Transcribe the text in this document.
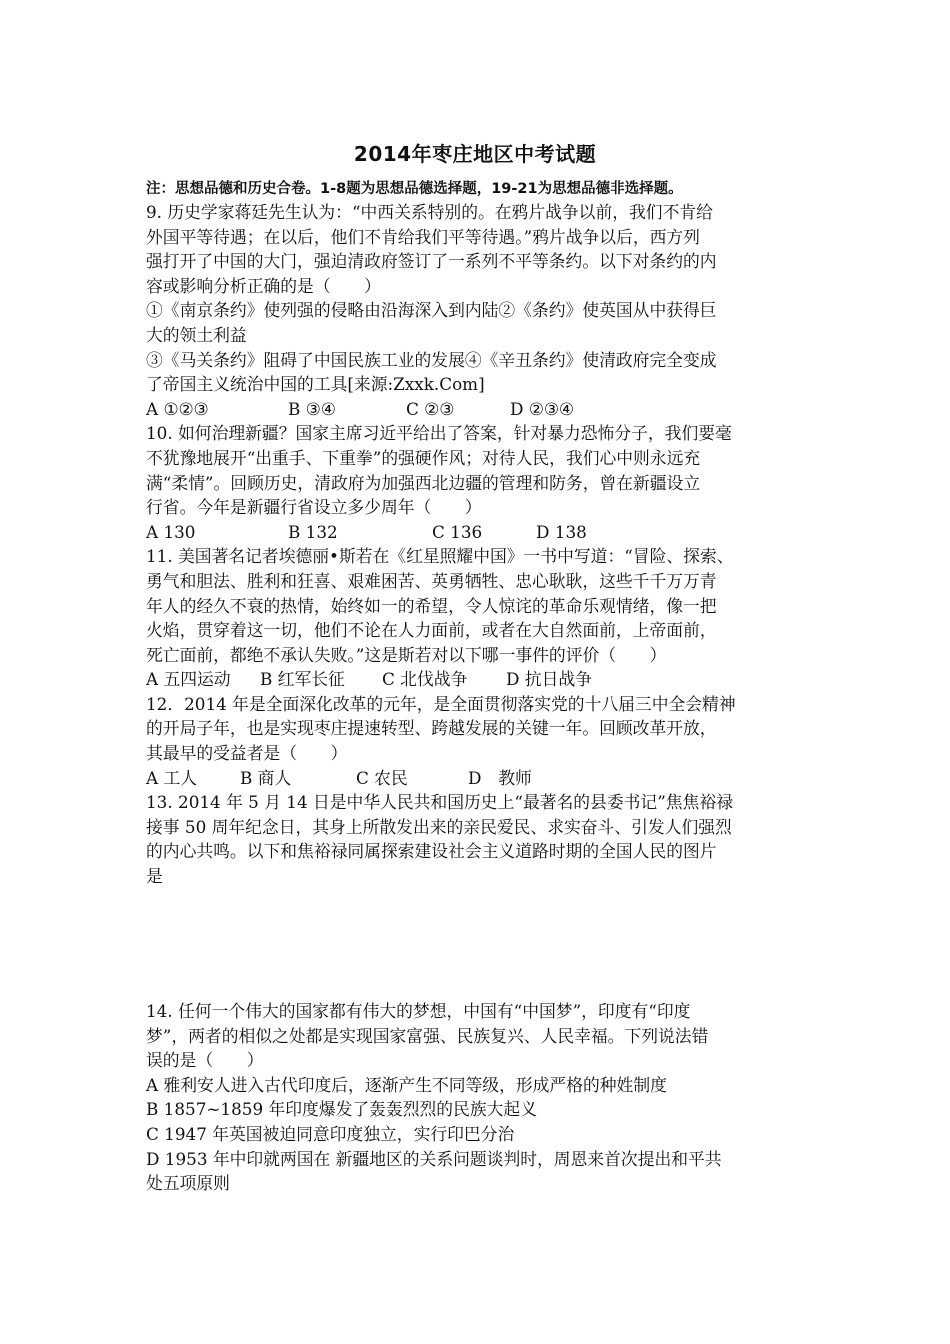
2014年枣庄地区中考试题
注：思想品德和历史合卷。1-8题为思想品德选择题，19-21为思想品德非选择题。
9. 历史学家蒋廷先生认为：“中西关系特别的。在鸦片战争以前，我们不肯给
外国平等待遇；在以后，他们不肯给我们平等待遇。”鸦片战争以后，西方列
强打开了中国的大门，强迫清政府签订了一系列不平等条约。以下对条约的内
容或影响分析正确的是（　　）
①《南京条约》使列强的侵略由沿海深入到内陆②《条约》使英国从中获得巨
大的领土利益
③《马关条约》阻碍了中国民族工业的发展④《辛丑条约》使清政府完全变成
了帝国主义统治中国的工具[来源:Zxxk.Com]
A ①②③	B ③④	C ②③	D ②③④
10. 如何治理新疆？国家主席习近平给出了答案，针对暴力恐怖分子，我们要毫
不犹豫地展开“出重手、下重拳”的强硬作风；对待人民，我们心中则永远充
满“柔情”。回顾历史，清政府为加强西北边疆的管理和防务，曾在新疆设立
行省。今年是新疆行省设立多少周年（　　）
A 130	B 132	C 136	D 138
11. 美国著名记者埃德丽•斯若在《红星照耀中国》一书中写道：“冒险、探索、
勇气和胆法、胜利和狂喜、艰难困苦、英勇牺牲、忠心耿耿，这些千千万万青
年人的经久不衰的热情，始终如一的希望，令人惊诧的革命乐观情绪，像一把
火焰，贯穿着这一切，他们不论在人力面前，或者在大自然面前，上帝面前，
死亡面前，都绝不承认失败。”这是斯若对以下哪一事件的评价（　　）
A 五四运动 B 红军长征 C 北伐战争 D 抗日战争
12．2014 年是全面深化改革的元年，是全面贯彻落实党的十八届三中全会精神
的开局子年，也是实现枣庄提速转型、跨越发展的关键一年。回顾改革开放，
其最早的受益者是（　　）
A 工人	B 商人	C 农民	D　教师
13. 2014 年 5 月 14 日是中华人民共和国历史上“最著名的县委书记”焦焦裕禄
接事 50 周年纪念日，其身上所散发出来的亲民爱民、求实奋斗、引发人们强烈
的内心共鸣。以下和焦裕禄同属探索建设社会主义道路时期的全国人民的图片
是
14. 任何一个伟大的国家都有伟大的梦想，中国有“中国梦”，印度有“印度
梦”，两者的相似之处都是实现国家富强、民族复兴、人民幸福。下列说法错
误的是（　　）
A 雅利安人进入古代印度后，逐渐产生不同等级，形成严格的种姓制度
B 1857~1859 年印度爆发了轰轰烈烈的民族大起义
C 1947 年英国被迫同意印度独立，实行印巴分治
D 1953 年中印就两国在 新疆地区的关系问题谈判时，周恩来首次提出和平共
处五项原则
